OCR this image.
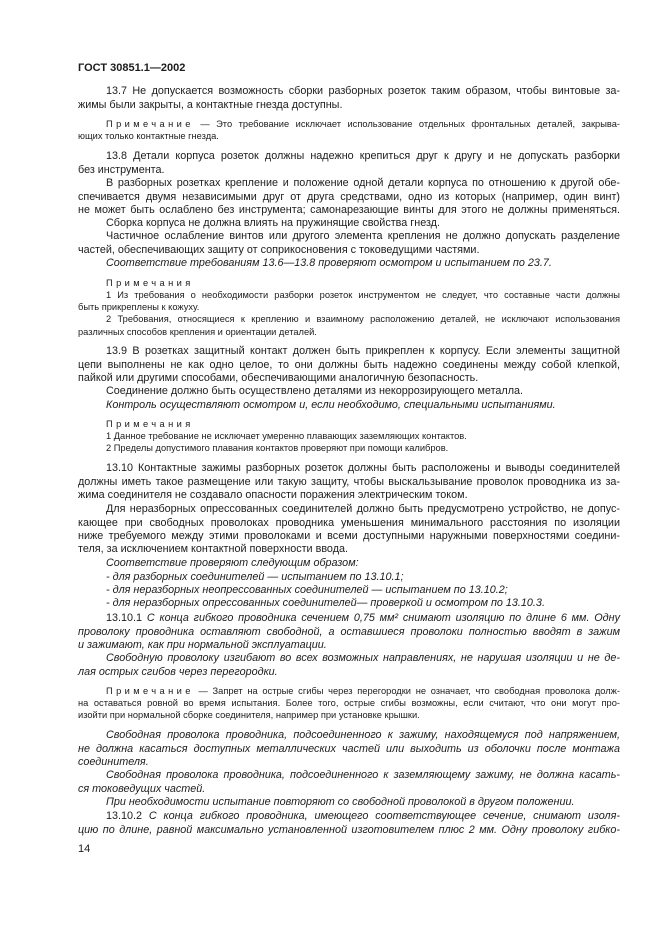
ГОСТ 30851.1—2002
13.7 Не допускается возможность сборки разборных розеток таким образом, чтобы винтовые за-
жимы были закрыты, а контактные гнезда доступны.
Примечание — Это требование исключает использование отдельных фронтальных деталей, закрыва-
ющих только контактные гнезда.
13.8 Детали корпуса розеток должны надежно крепиться друг к другу и не допускать разборки
без инструмента.
В разборных розетках крепление и положение одной детали корпуса по отношению к другой обе-
спечивается двумя независимыми друг от друга средствами, одно из которых (например, один винт)
не может быть ослаблено без инструмента; самонарезающие винты для этого не должны применяться.
Сборка корпуса не должна влиять на пружинящие свойства гнезд.
Частичное ослабление винтов или другого элемента крепления не должно допускать разделение
частей, обеспечивающих защиту от соприкосновения с токоведущими частями.
Соответствие требованиям 13.6—13.8 проверяют осмотром и испытанием по 23.7.
Примечания
1 Из требования о необходимости разборки розеток инструментом не следует, что составные части должны
быть прикреплены к кожуху.
2 Требования, относящиеся к креплению и взаимному расположению деталей, не исключают использования
различных способов крепления и ориентации деталей.
13.9 В розетках защитный контакт должен быть прикреплен к корпусу. Если элементы защитной
цепи выполнены не как одно целое, то они должны быть надежно соединены между собой клепкой,
пайкой или другими способами, обеспечивающими аналогичную безопасность.
Соединение должно быть осуществлено деталями из некоррозирующего металла.
Контроль осуществляют осмотром и, если необходимо, специальными испытаниями.
Примечания
1 Данное требование не исключает умеренно плавающих заземляющих контактов.
2 Пределы допустимого плавания контактов проверяют при помощи калибров.
13.10 Контактные зажимы разборных розеток должны быть расположены и выводы соединителей
должны иметь такое размещение или такую защиту, чтобы выскальзывание проволок проводника из за-
жима соединителя не создавало опасности поражения электрическим током.
Для неразборных опрессованных соединителей должно быть предусмотрено устройство, не допус-
кающее при свободных проволоках проводника уменьшения минимального расстояния по изоляции
ниже требуемого между этими проволоками и всеми доступными наружными поверхностями соедини-
теля, за исключением контактной поверхности ввода.
Соответствие проверяют следующим образом:
- для разборных соединителей — испытанием по 13.10.1;
- для неразборных неопрессованных соединителей — испытанием по 13.10.2;
- для неразборных опрессованных соединителей— проверкой и осмотром по 13.10.3.
13.10.1 С конца гибкого проводника сечением 0,75 мм² снимают изоляцию по длине 6 мм. Одну
проволоку проводника оставляют свободной, а оставшиеся проволоки полностью вводят в зажим
и зажимают, как при нормальной эксплуатации.
Свободную проволоку изгибают во всех возможных направлениях, не нарушая изоляции и не де-
лая острых сгибов через перегородки.
Примечание — Запрет на острые сгибы через перегородки не означает, что свободная проволока долж-
на оставаться ровной во время испытания. Более того, острые сгибы возможны, если считают, что они могут про-
изойти при нормальной сборке соединителя, например при установке крышки.
Свободная проволока проводника, подсоединенного к зажиму, находящемуся под напряжением,
не должна касаться доступных металлических частей или выходить из оболочки после монтажа
соединителя.
Свободная проволока проводника, подсоединенного к заземляющему зажиму, не должна касать-
ся токоведущих частей.
При необходимости испытание повторяют со свободной проволокой в другом положении.
13.10.2 С конца гибкого проводника, имеющего соответствующее сечение, снимают изоля-
цию по длине, равной максимально установленной изготовителем плюс 2 мм. Одну проволоку гибко-
14
